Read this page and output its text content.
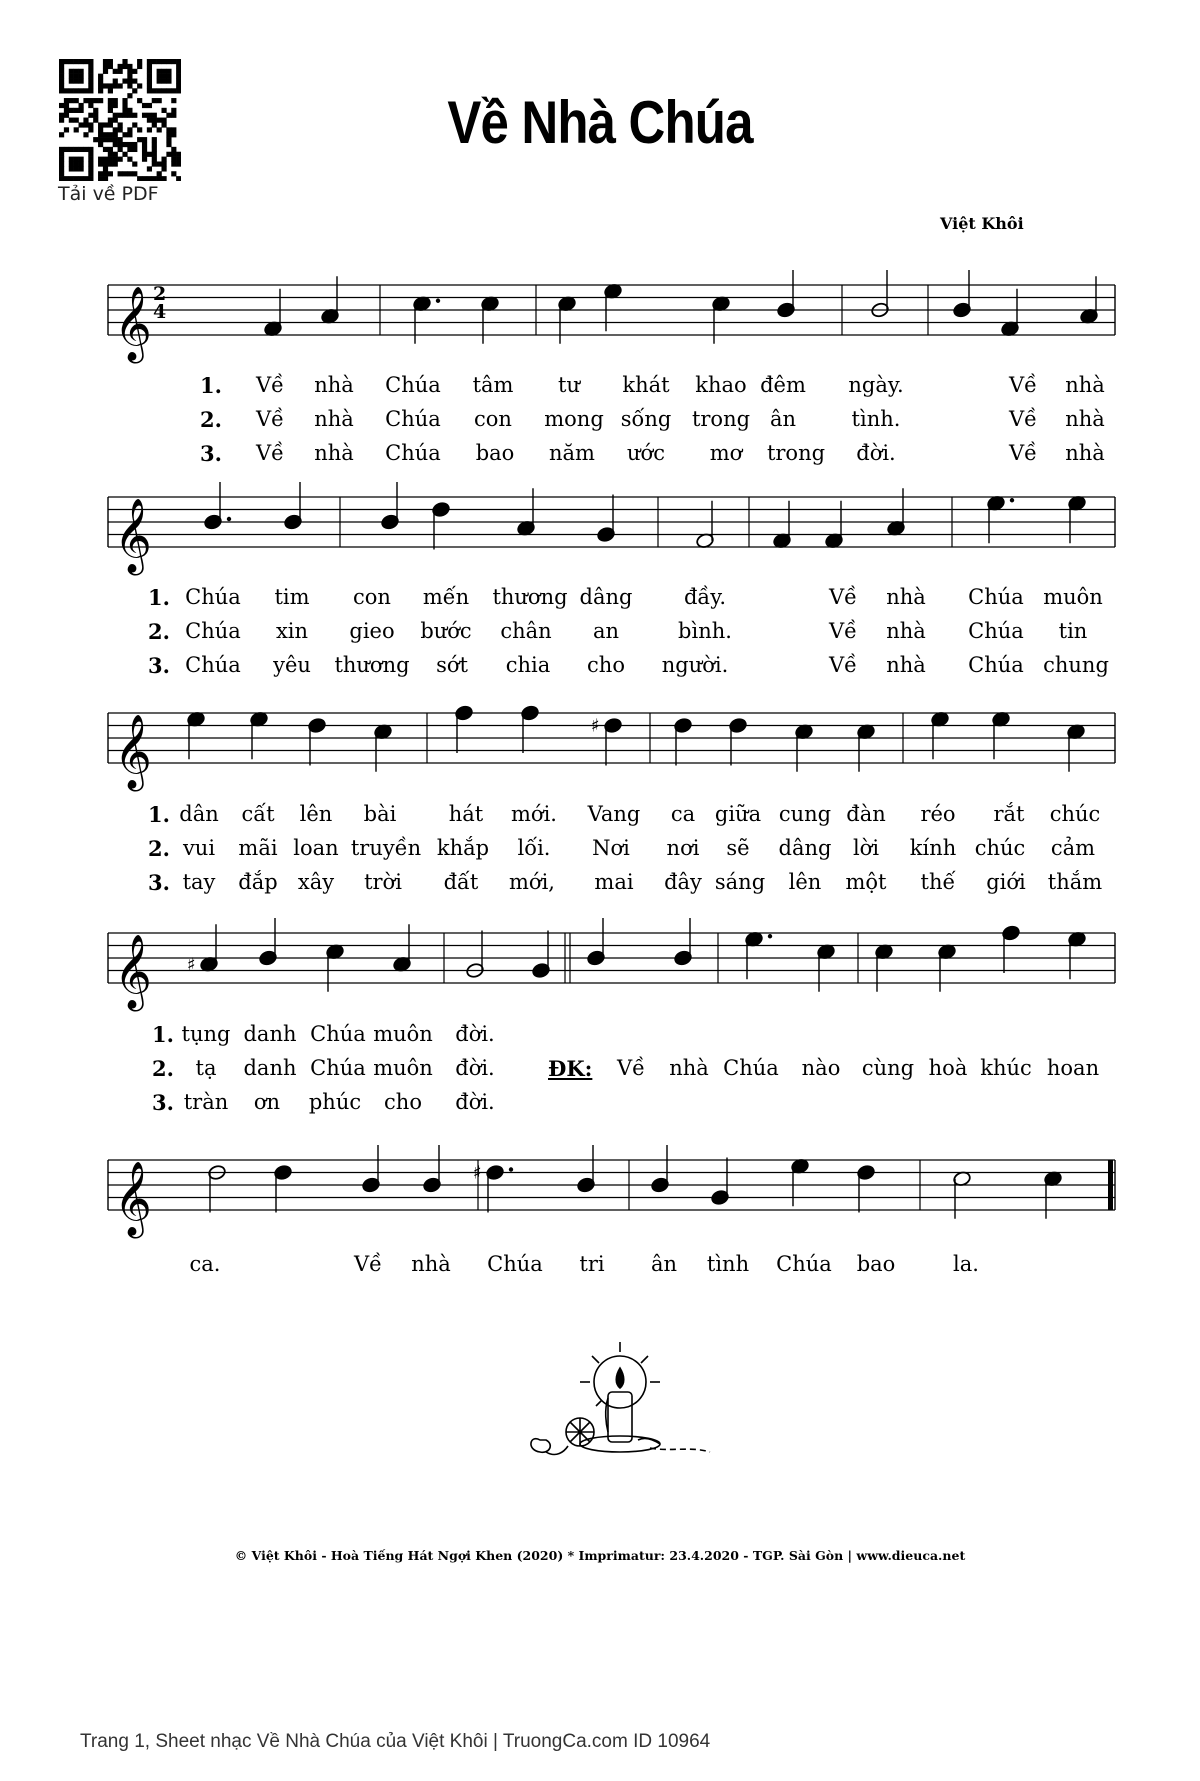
Tải về PDF
Về Nhà Chúa
Việt Khôi
𝄞
𝄞
𝄞	♯
𝄞 ♯
𝄞	♯
2
4
1. Về nhà Chúa tâm tư khát khao đêm ngày.	Về nhà
2. Về nhà Chúa con mong sống trong ân	tình.	Về nhà
3. Về nhà Chúa bao năm ước mơ trong đời.	Về nhà
1. Chúa tim con mến thương dâng đầy.	Về nhà Chúa muôn
2. Chúa xin gieo bước chân an	bình.	Về nhà Chúa tin
3. Chúa yêu thương sớt chia cho người.	Về nhà Chúa chung
1. dân cất lên bài hát mới. Vang ca giữa cung đàn réo rắt chúc
2. vui mãi loan truyền khắp lối. Nơi nơi sẽ dâng lời kính chúc cảm
3. tay đắp xây trời đất mới, mai đây sáng lên một thế giới thắm
1. tụng danh Chúa muôn đời.
2. tạ danh Chúa muôn đời.	ĐK: Về nhà Chúa nào cùng hoà khúc hoan
3. tràn ơn phúc cho đời.
ca.	Về nhà Chúa tri ân tình Chúa bao	la.
© Việt Khôi - Hoà Tiếng Hát Ngợi Khen (2020) * Imprimatur: 23.4.2020 - TGP. Sài Gòn | www.dieuca.net
Trang 1, Sheet nhạc Về Nhà Chúa của Việt Khôi | TruongCa.com ID 10964
